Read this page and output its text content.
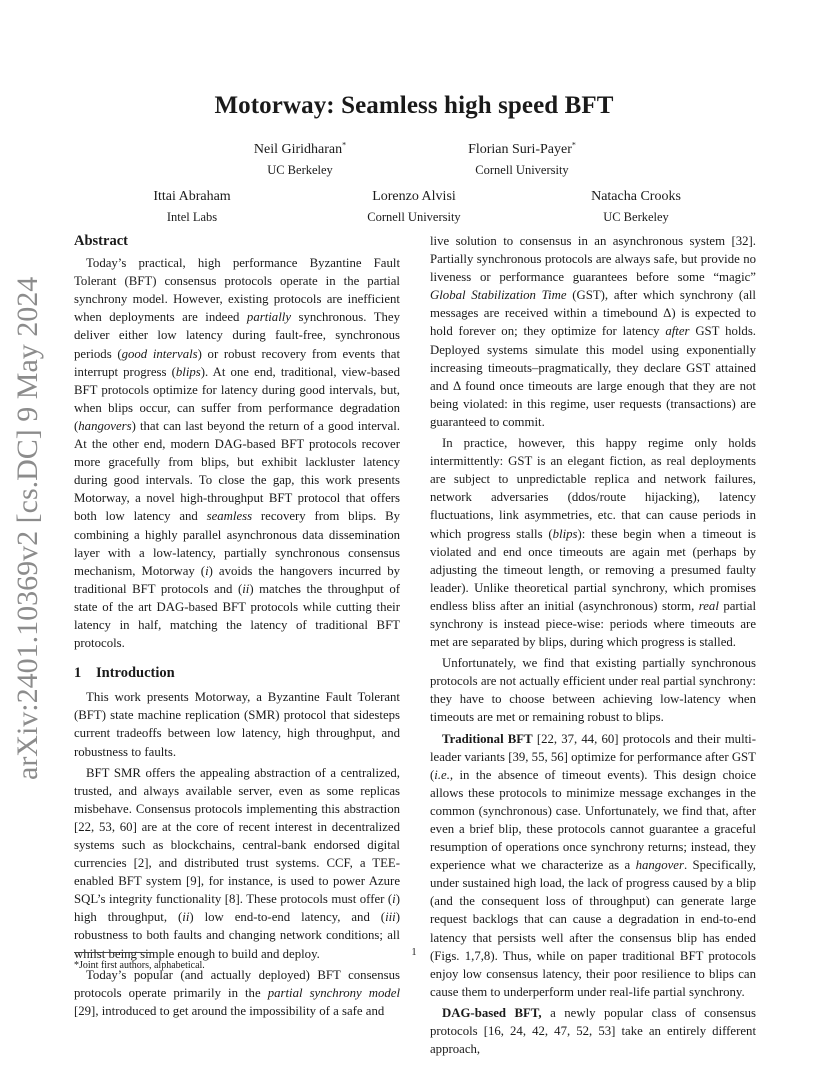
arXiv:2401.10369v2 [cs.DC] 9 May 2024
Motorway: Seamless high speed BFT
Neil Giridharan*
UC Berkeley
Florian Suri-Payer*
Cornell University
Ittai Abraham
Intel Labs
Lorenzo Alvisi
Cornell University
Natacha Crooks
UC Berkeley
Abstract

Today’s practical, high performance Byzantine Fault Tolerant (BFT) consensus protocols operate in the partial synchrony model. However, existing protocols are inefficient when deployments are indeed partially synchronous. They deliver either low latency during fault-free, synchronous periods (good intervals) or robust recovery from events that interrupt progress (blips). At one end, traditional, view-based BFT protocols optimize for latency during good intervals, but, when blips occur, can suffer from performance degradation (hangovers) that can last beyond the return of a good interval. At the other end, modern DAG-based BFT protocols recover more gracefully from blips, but exhibit lackluster latency during good intervals. To close the gap, this work presents Motorway, a novel high-throughput BFT protocol that offers both low latency and seamless recovery from blips. By combining a highly parallel asynchronous data dissemination layer with a low-latency, partially synchronous consensus mechanism, Motorway (i) avoids the hangovers incurred by traditional BFT protocols and (ii) matches the throughput of state of the art DAG-based BFT protocols while cutting their latency in half, matching the latency of traditional BFT protocols.

1 Introduction

This work presents Motorway, a Byzantine Fault Tolerant (BFT) state machine replication (SMR) protocol that sidesteps current tradeoffs between low latency, high throughput, and robustness to faults.

BFT SMR offers the appealing abstraction of a centralized, trusted, and always available server, even as some replicas misbehave. Consensus protocols implementing this abstraction [22, 53, 60] are at the core of recent interest in decentralized systems such as blockchains, central-bank endorsed digital currencies [2], and distributed trust systems. CCF, a TEE-enabled BFT system [9], for instance, is used to power Azure SQL’s integrity functionality [8]. These protocols must offer (i) high throughput, (ii) low end-to-end latency, and (iii) robustness to both faults and changing network conditions; all whilst being simple enough to build and deploy.

Today’s popular (and actually deployed) BFT consensus protocols operate primarily in the partial synchrony model [29], introduced to get around the impossibility of a safe and

live solution to consensus in an asynchronous system [32]. Partially synchronous protocols are always safe, but provide no liveness or performance guarantees before some “magic” Global Stabilization Time (GST), after which synchrony (all messages are received within a timebound Δ) is expected to hold forever on; they optimize for latency after GST holds. Deployed systems simulate this model using exponentially increasing timeouts–pragmatically, they declare GST attained and Δ found once timeouts are large enough that they are not being violated: in this regime, user requests (transactions) are guaranteed to commit.

In practice, however, this happy regime only holds intermittently: GST is an elegant fiction, as real deployments are subject to unpredictable replica and network failures, network adversaries (ddos/route hijacking), latency fluctuations, link asymmetries, etc. that can cause periods in which progress stalls (blips): these begin when a timeout is violated and end once timeouts are again met (perhaps by adjusting the timeout length, or removing a presumed faulty leader). Unlike theoretical partial synchrony, which promises endless bliss after an initial (asynchronous) storm, real partial synchrony is instead piece-wise: periods where timeouts are met are separated by blips, during which progress is stalled.

Unfortunately, we find that existing partially synchronous protocols are not actually efficient under real partial synchrony: they have to choose between achieving low-latency when timeouts are met or remaining robust to blips.

Traditional BFT [22, 37, 44, 60] protocols and their multi-leader variants [39, 55, 56] optimize for performance after GST (i.e., in the absence of timeout events). This design choice allows these protocols to minimize message exchanges in the common (synchronous) case. Unfortunately, we find that, after even a brief blip, these protocols cannot guarantee a graceful resumption of operations once synchrony returns; instead, they experience what we characterize as a hangover. Specifically, under sustained high load, the lack of progress caused by a blip (and the consequent loss of throughput) can generate large request backlogs that can cause a degradation in end-to-end latency that persists well after the consensus blip has ended (Figs. 1,7,8). Thus, while on paper traditional BFT protocols enjoy low consensus latency, their poor resilience to blips can cause them to underperform under real-life partial synchrony.

DAG-based BFT, a newly popular class of consensus protocols [16, 24, 42, 47, 52, 53] take an entirely different approach,

*Joint first authors, alphabetical.
1
